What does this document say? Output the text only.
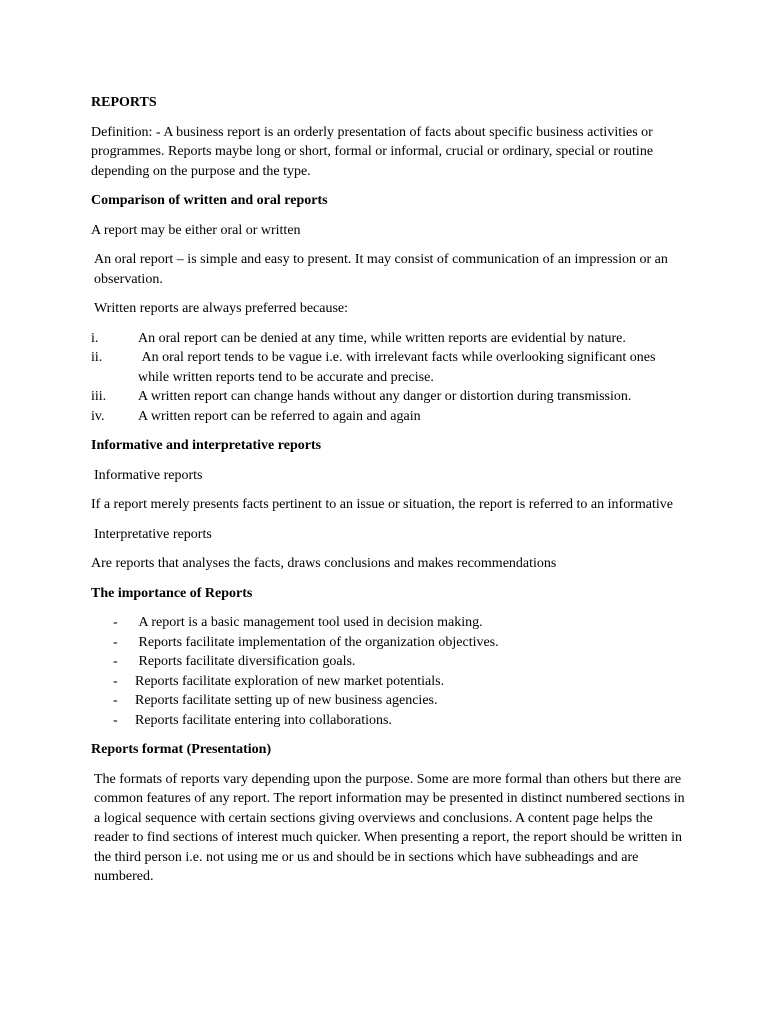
REPORTS

Definition: - A business report is an orderly presentation of facts about specific business activities or programmes. Reports maybe long or short, formal or informal, crucial or ordinary, special or routine depending on the purpose and the type.

Comparison of written and oral reports

A report may be either oral or written

An oral report – is simple and easy to present. It may consist of communication of an impression or an observation.

Written reports are always preferred because:

i.	An oral report can be denied at any time, while written reports are evidential by nature.
ii.	An oral report tends to be vague i.e. with irrelevant facts while overlooking significant ones while written reports tend to be accurate and precise.
iii.	A written report can change hands without any danger or distortion during transmission.
iv.	A written report can be referred to again and again

Informative and interpretative reports

Informative reports

If a report merely presents facts pertinent to an issue or situation, the report is referred to an informative

Interpretative reports

Are reports that analyses the facts, draws conclusions and makes recommendations

The importance of Reports

-	A report is a basic management tool used in decision making.
-	Reports facilitate implementation of the organization objectives.
-	Reports facilitate diversification goals.
-	Reports facilitate exploration of new market potentials.
-	Reports facilitate setting up of new business agencies.
-	Reports facilitate entering into collaborations.

Reports format (Presentation)

The formats of reports vary depending upon the purpose. Some are more formal than others but there are common features of any report. The report information may be presented in distinct numbered sections in a logical sequence with certain sections giving overviews and conclusions. A content page helps the reader to find sections of interest much quicker. When presenting a report, the report should be written in the third person i.e. not using me or us and should be in sections which have subheadings and are numbered.
